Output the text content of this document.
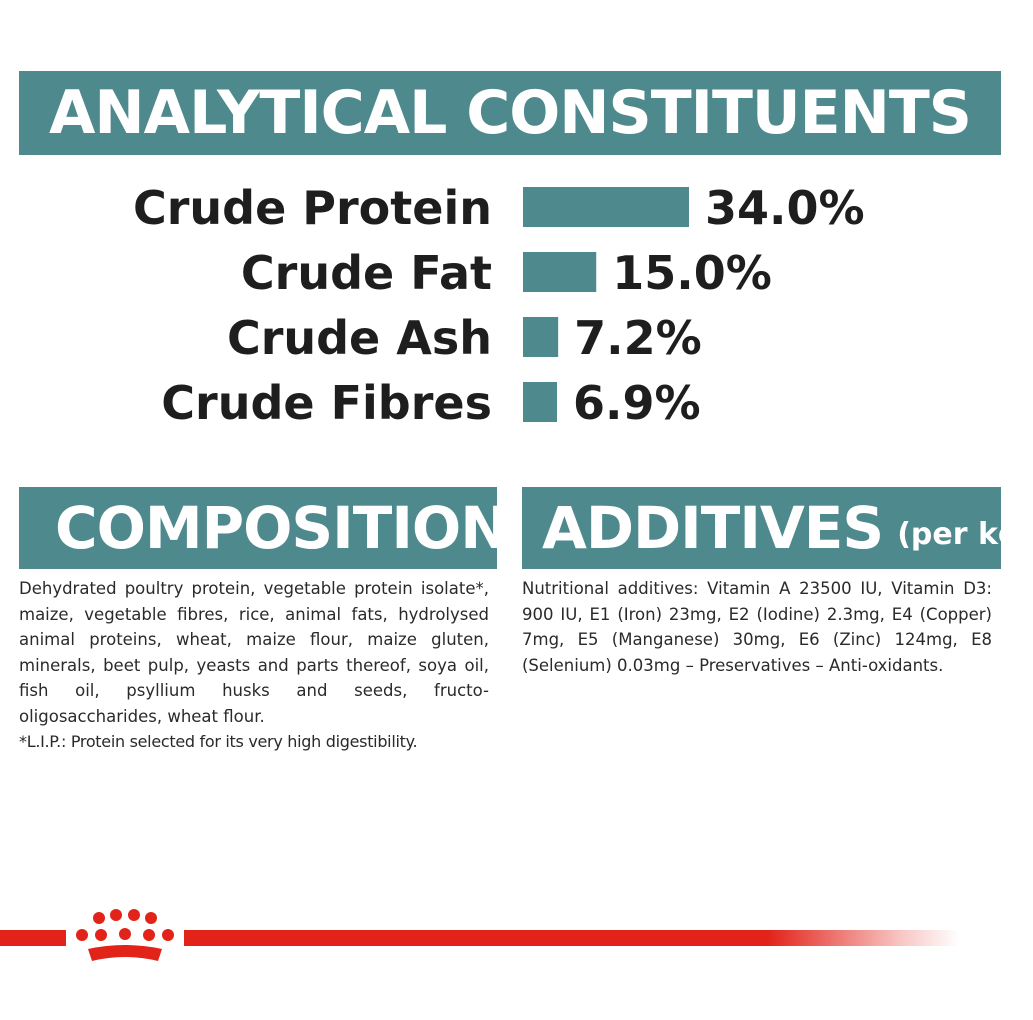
ANALYTICAL CONSTITUENTS
Crude Protein	34.0%
Crude Fat	15.0%
Crude Ash 7.2%
Crude Fibres 6.9%
COMPOSITION ADDITIVES (per kg)

Dehydrated poultry protein, vegetable protein isolate*, maize, vegetable fibres, rice, animal fats, hydrolysed animal proteins, wheat, maize flour, maize gluten, minerals, beet pulp, yeasts and parts thereof, soya oil, fish oil, psyllium husks and seeds, fructo-oligosaccharides, wheat flour.

*L.I.P.: Protein selected for its very high digestibility.

Nutritional additives: Vitamin A 23500 IU, Vitamin D3: 900 IU, E1 (Iron) 23mg, E2 (Iodine) 2.3mg, E4 (Copper) 7mg, E5 (Manganese) 30mg, E6 (Zinc) 124mg, E8 (Selenium) 0.03mg – Preservatives – Anti-oxidants.
